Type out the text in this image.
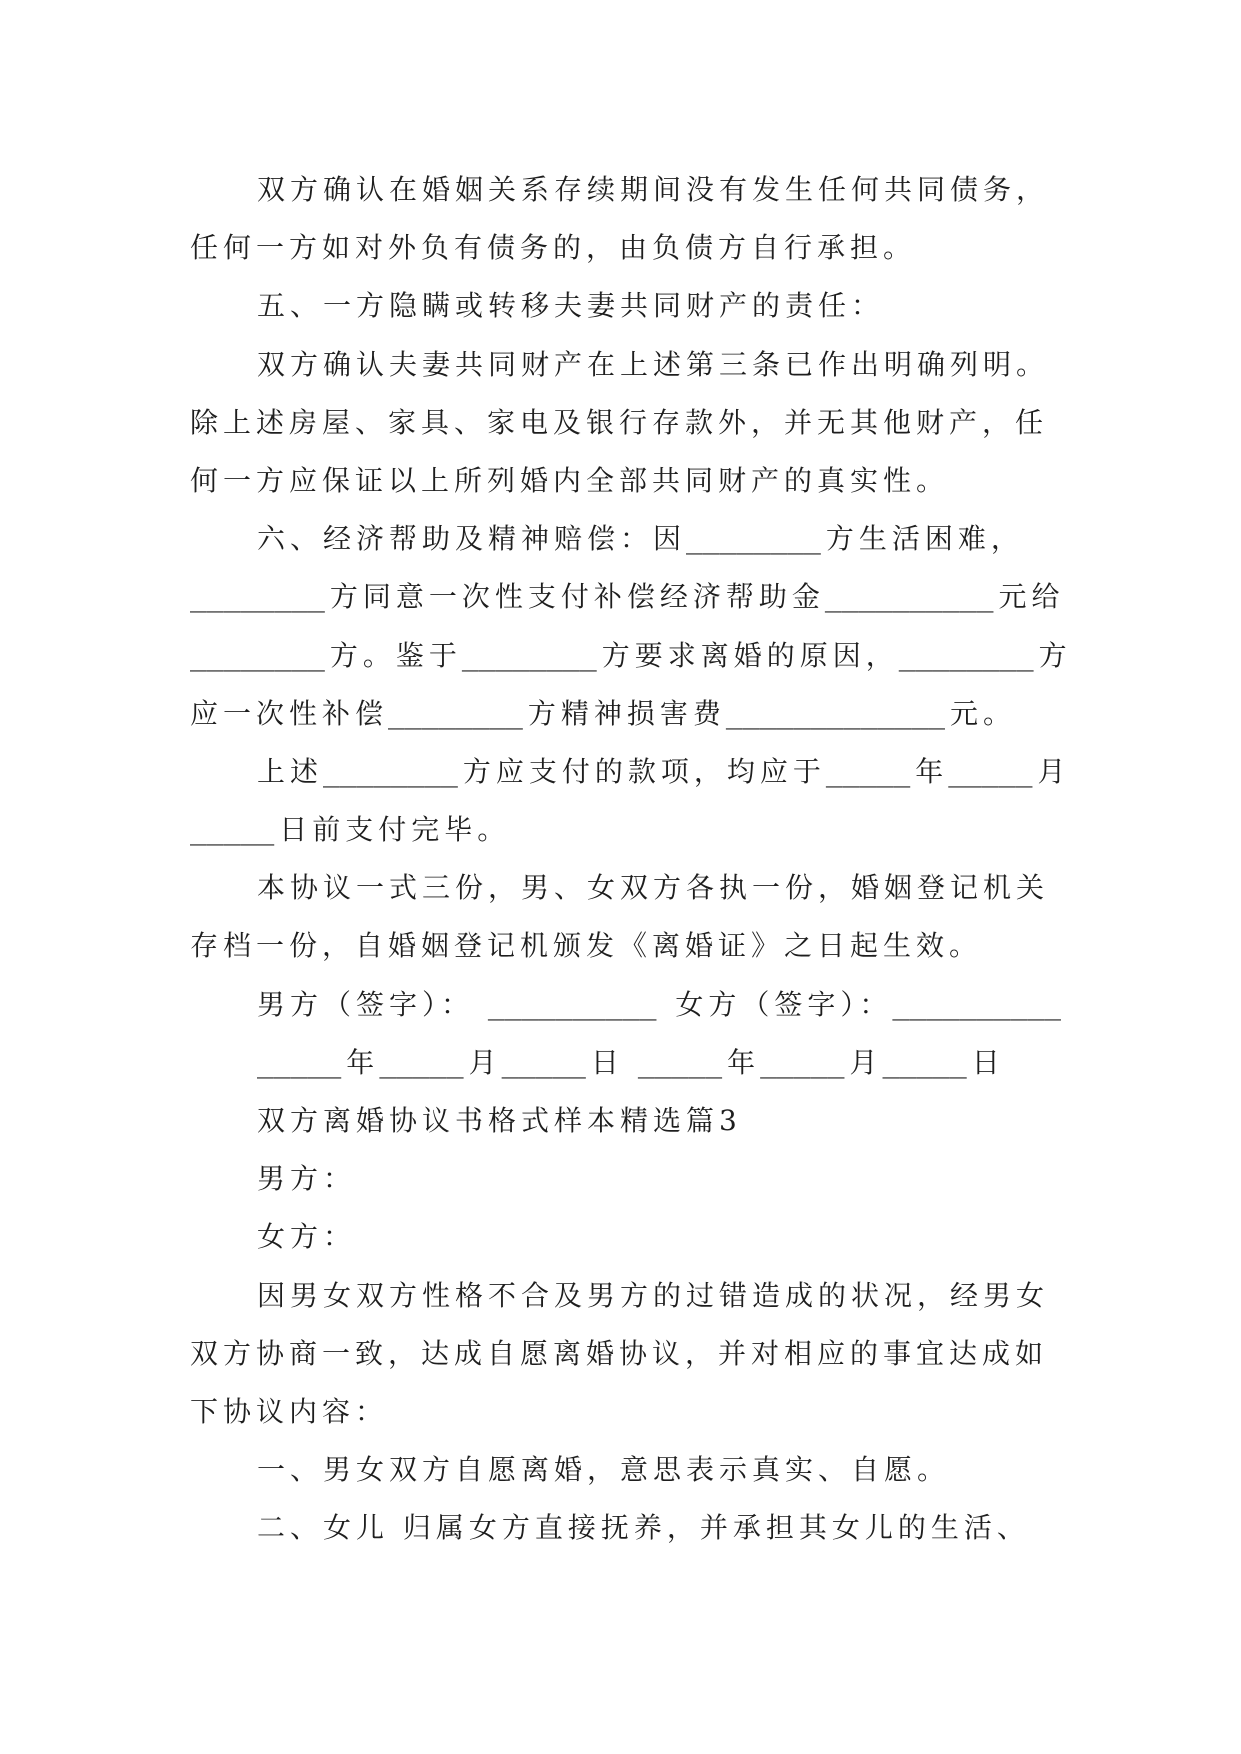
双方确认在婚姻关系存续期间没有发生任何共同债务，
任何一方如对外负有债务的，由负债方自行承担。
五、一方隐瞒或转移夫妻共同财产的责任：
双方确认夫妻共同财产在上述第三条已作出明确列明。
除上述房屋、家具、家电及银行存款外，并无其他财产，任
何一方应保证以上所列婚内全部共同财产的真实性。
六、经济帮助及精神赔偿：因________ 方生活困难，
________ 方同意一次性支付补偿经济帮助金__________ 元给
________ 方。鉴于________ 方要求离婚的原因，________ 方
应一次性补偿________ 方精神损害费_____________ 元。
上述________ 方应支付的款项，均应于_____ 年_____ 月
_____ 日前支付完毕。
本协议一式三份，男、女双方各执一份，婚姻登记机关
存档一份，自婚姻登记机颁发《离婚证》之日起生效。
男方（签字）： __________ 女方（签字）：__________
_____ 年_____ 月_____ 日 _____ 年_____ 月_____ 日
双方离婚协议书格式样本精选篇3
男方：
女方：
因男女双方性格不合及男方的过错造成的状况，经男女
双方协商一致，达成自愿离婚协议，并对相应的事宜达成如
下协议内容：
一、男女双方自愿离婚，意思表示真实、自愿。
二、女儿 归属女方直接抚养，并承担其女儿的生活、
